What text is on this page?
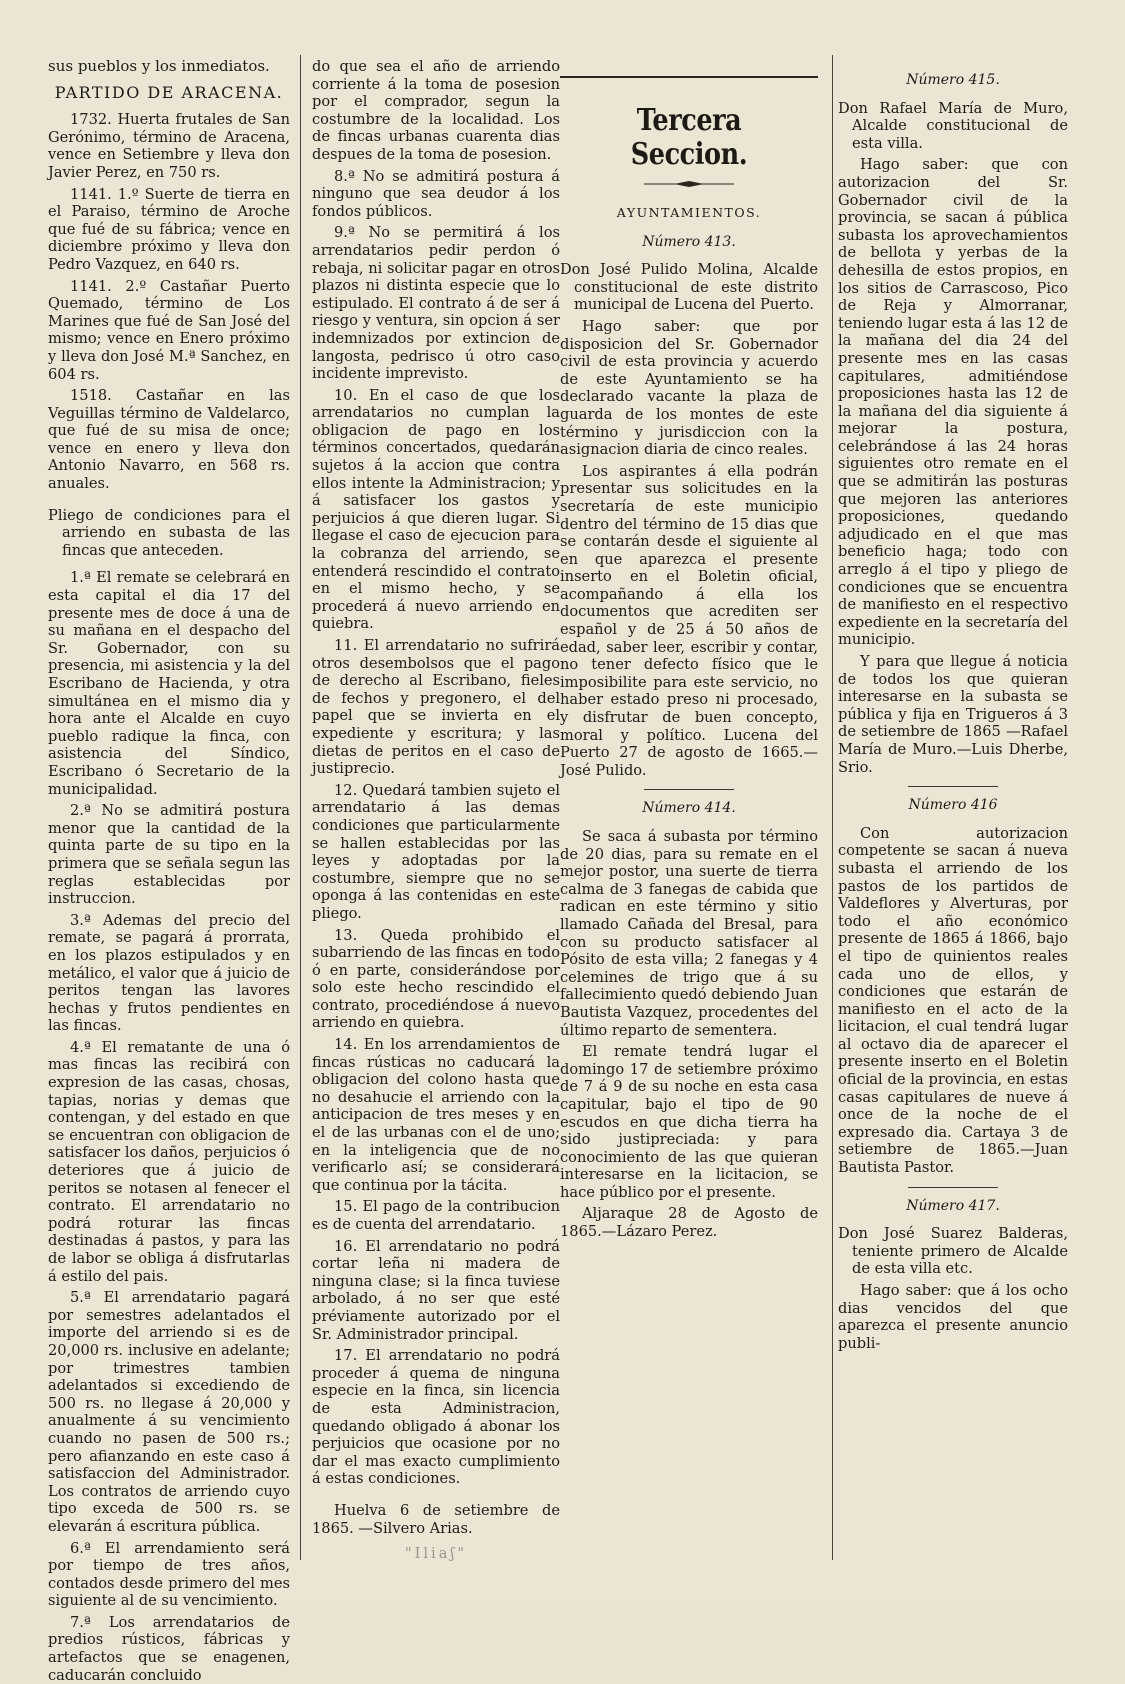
sus pueblos y los inmediatos.

PARTIDO DE ARACENA.

1732. Huerta frutales de San Gerónimo, término de Aracena, vence en Setiembre y lleva don Javier Perez, en 750 rs.

1141. 1.º Suerte de tierra en el Paraiso, término de Aroche que fué de su fábrica; vence en diciembre próximo y lleva don Pedro Vazquez, en 640 rs.

1141. 2.º Castañar Puerto Quemado, término de Los Marines que fué de San José del mismo; vence en Enero próximo y lleva don José M.ª Sanchez, en 604 rs.

1518. Castañar en las Veguillas término de Valdelarco, que fué de su misa de once; vence en enero y lleva don Antonio Navarro, en 568 rs. anuales.

Pliego de condiciones para el arriendo en subasta de las fincas que anteceden.

1.ª El remate se celebrará en esta capital el dia 17 del presente mes de doce á una de su mañana en el despacho del Sr. Gobernador, con su presencia, mi asistencia y la del Escribano de Hacienda, y otra simultánea en el mismo dia y hora ante el Alcalde en cuyo pueblo radique la finca, con asistencia del Síndico, Escribano ó Secretario de la municipalidad.

2.ª No se admitirá postura menor que la cantidad de la quinta parte de su tipo en la primera que se señala segun las reglas establecidas por instruccion.

3.ª Ademas del precio del remate, se pagará á prorrata, en los plazos estipulados y en metálico, el valor que á juicio de peritos tengan las lavores hechas y frutos pendientes en las fincas.

4.ª El rematante de una ó mas fincas las recibirá con expresion de las casas, chosas, tapias, norias y demas que contengan, y del estado en que se encuentran con obligacion de satisfacer los daños, perjuicios ó deteriores que á juicio de peritos se notasen al fenecer el contrato. El arrendatario no podrá roturar las fincas destinadas á pastos, y para las de labor se obliga á disfrutarlas á estilo del pais.

5.ª El arrendatario pagará por semestres adelantados el importe del arriendo si es de 20,000 rs. inclusive en adelante; por trimestres tambien adelantados si excediendo de 500 rs. no llegase á 20,000 y anualmente á su vencimiento cuando no pasen de 500 rs.; pero afianzando en este caso á satisfaccion del Administrador. Los contratos de arriendo cuyo tipo exceda de 500 rs. se elevarán á escritura pública.

6.ª El arrendamiento será por tiempo de tres años, contados desde primero del mes siguiente al de su vencimiento.

7.ª Los arrendatarios de predios rústicos, fábricas y artefactos que se enagenen, caducarán concluido

do que sea el año de arriendo corriente á la toma de posesion por el comprador, segun la costumbre de la localidad. Los de fincas urbanas cuarenta dias despues de la toma de posesion.

8.ª No se admitirá postura á ninguno que sea deudor á los fondos públicos.

9.ª No se permitirá á los arrendatarios pedir perdon ó rebaja, ni solicitar pagar en otros plazos ni distinta especie que lo estipulado. El contrato á de ser á riesgo y ventura, sin opcion á ser indemnizados por extincion de langosta, pedrisco ú otro caso incidente imprevisto.

10. En el caso de que los arrendatarios no cumplan la obligacion de pago en los términos concertados, quedarán sujetos á la accion que contra ellos intente la Administracion; y á satisfacer los gastos y perjuicios á que dieren lugar. Si llegase el caso de ejecucion para la cobranza del arriendo, se entenderá rescindido el contrato en el mismo hecho, y se procederá á nuevo arriendo en quiebra.

11. El arrendatario no sufrirá otros desembolsos que el pago de derecho al Escribano, fieles de fechos y pregonero, el del papel que se invierta en el expediente y escritura; y las dietas de peritos en el caso de justiprecio.

12. Quedará tambien sujeto el arrendatario á las demas condiciones que particularmente se hallen establecidas por las leyes y adoptadas por la costumbre, siempre que no se oponga á las contenidas en este pliego.

13. Queda prohibido el subarriendo de las fincas en todo ó en parte, considerándose por solo este hecho rescindido el contrato, procediéndose á nuevo arriendo en quiebra.

14. En los arrendamientos de fincas rústicas no caducará la obligacion del colono hasta que no desahucie el arriendo con la anticipacion de tres meses y en el de las urbanas con el de uno; en la inteligencia que de no verificarlo así; se considerará que continua por la tácita.

15. El pago de la contribucion es de cuenta del arrendatario.

16. El arrendatario no podrá cortar leña ni madera de ninguna clase; si la finca tuviese arbolado, á no ser que esté préviamente autorizado por el Sr. Administrador principal.

17. El arrendatario no podrá proceder á quema de ninguna especie en la finca, sin licencia de esta Administracion, quedando obligado á abonar los perjuicios que ocasione por no dar el mas exacto cumplimiento á estas condiciones.

Huelva 6 de setiembre de 1865. —Silvero Arias.

"Iliaʃ"
Tercera Seccion.
AYUNTAMIENTOS.
Número 413.

Don José Pulido Molina, Alcalde constitucional de este distrito municipal de Lucena del Puerto.

Hago saber: que por disposicion del Sr. Gobernador civil de esta provincia y acuerdo de este Ayuntamiento se ha declarado vacante la plaza de guarda de los montes de este término y jurisdiccion con la asignacion diaria de cinco reales.

Los aspirantes á ella podrán presentar sus solicitudes en la secretaría de este municipio dentro del término de 15 dias que se contarán desde el siguiente al en que aparezca el presente inserto en el Boletin oficial, acompañando á ella los documentos que acrediten ser español y de 25 á 50 años de edad, saber leer, escribir y contar, no tener defecto físico que le imposibilite para este servicio, no haber estado preso ni procesado, y disfrutar de buen concepto, moral y político. Lucena del Puerto 27 de agosto de 1665.—José Pulido.

Número 414.

Se saca á subasta por término de 20 dias, para su remate en el mejor postor, una suerte de tierra calma de 3 fanegas de cabida que radican en este término y sitio llamado Cañada del Bresal, para con su producto satisfacer al Pósito de esta villa; 2 fanegas y 4 celemines de trigo que á su fallecimiento quedó debiendo Juan Bautista Vazquez, procedentes del último reparto de sementera.

El remate tendrá lugar el domingo 17 de setiembre próximo de 7 á 9 de su noche en esta casa capitular, bajo el tipo de 90 escudos en que dicha tierra ha sido justipreciada: y para conocimiento de las que quieran interesarse en la licitacion, se hace público por el presente.

Aljaraque 28 de Agosto de 1865.—Lázaro Perez.

Número 415.

Don Rafael María de Muro, Alcalde constitucional de esta villa.

Hago saber: que con autorizacion del Sr. Gobernador civil de la provincia, se sacan á pública subasta los aprovechamientos de bellota y yerbas de la dehesilla de estos propios, en los sitios de Carrascoso, Pico de Reja y Almorranar, teniendo lugar esta á las 12 de la mañana del dia 24 del presente mes en las casas capitulares, admitiéndose proposiciones hasta las 12 de la mañana del dia siguiente á mejorar la postura, celebrándose á las 24 horas siguientes otro remate en el que se admitirán las posturas que mejoren las anteriores proposiciones, quedando adjudicado en el que mas beneficio haga; todo con arreglo á el tipo y pliego de condiciones que se encuentra de manifiesto en el respectivo expediente en la secretaría del municipio.

Y para que llegue á noticia de todos los que quieran interesarse en la subasta se pública y fija en Trigueros á 3 de setiembre de 1865 —Rafael María de Muro.—Luis Dherbe, Srio.

Número 416

Con autorizacion competente se sacan á nueva subasta el arriendo de los pastos de los partidos de Valdeflores y Alverturas, por todo el año económico presente de 1865 á 1866, bajo el tipo de quinientos reales cada uno de ellos, y condiciones que estarán de manifiesto en el acto de la licitacion, el cual tendrá lugar al octavo dia de aparecer el presente inserto en el Boletin oficial de la provincia, en estas casas capitulares de nueve á once de la noche de el expresado dia. Cartaya 3 de setiembre de 1865.—Juan Bautista Pastor.

Número 417.

Don José Suarez Balderas, teniente primero de Alcalde de esta villa etc.

Hago saber: que á los ocho dias vencidos del que aparezca el presente anuncio publi-
